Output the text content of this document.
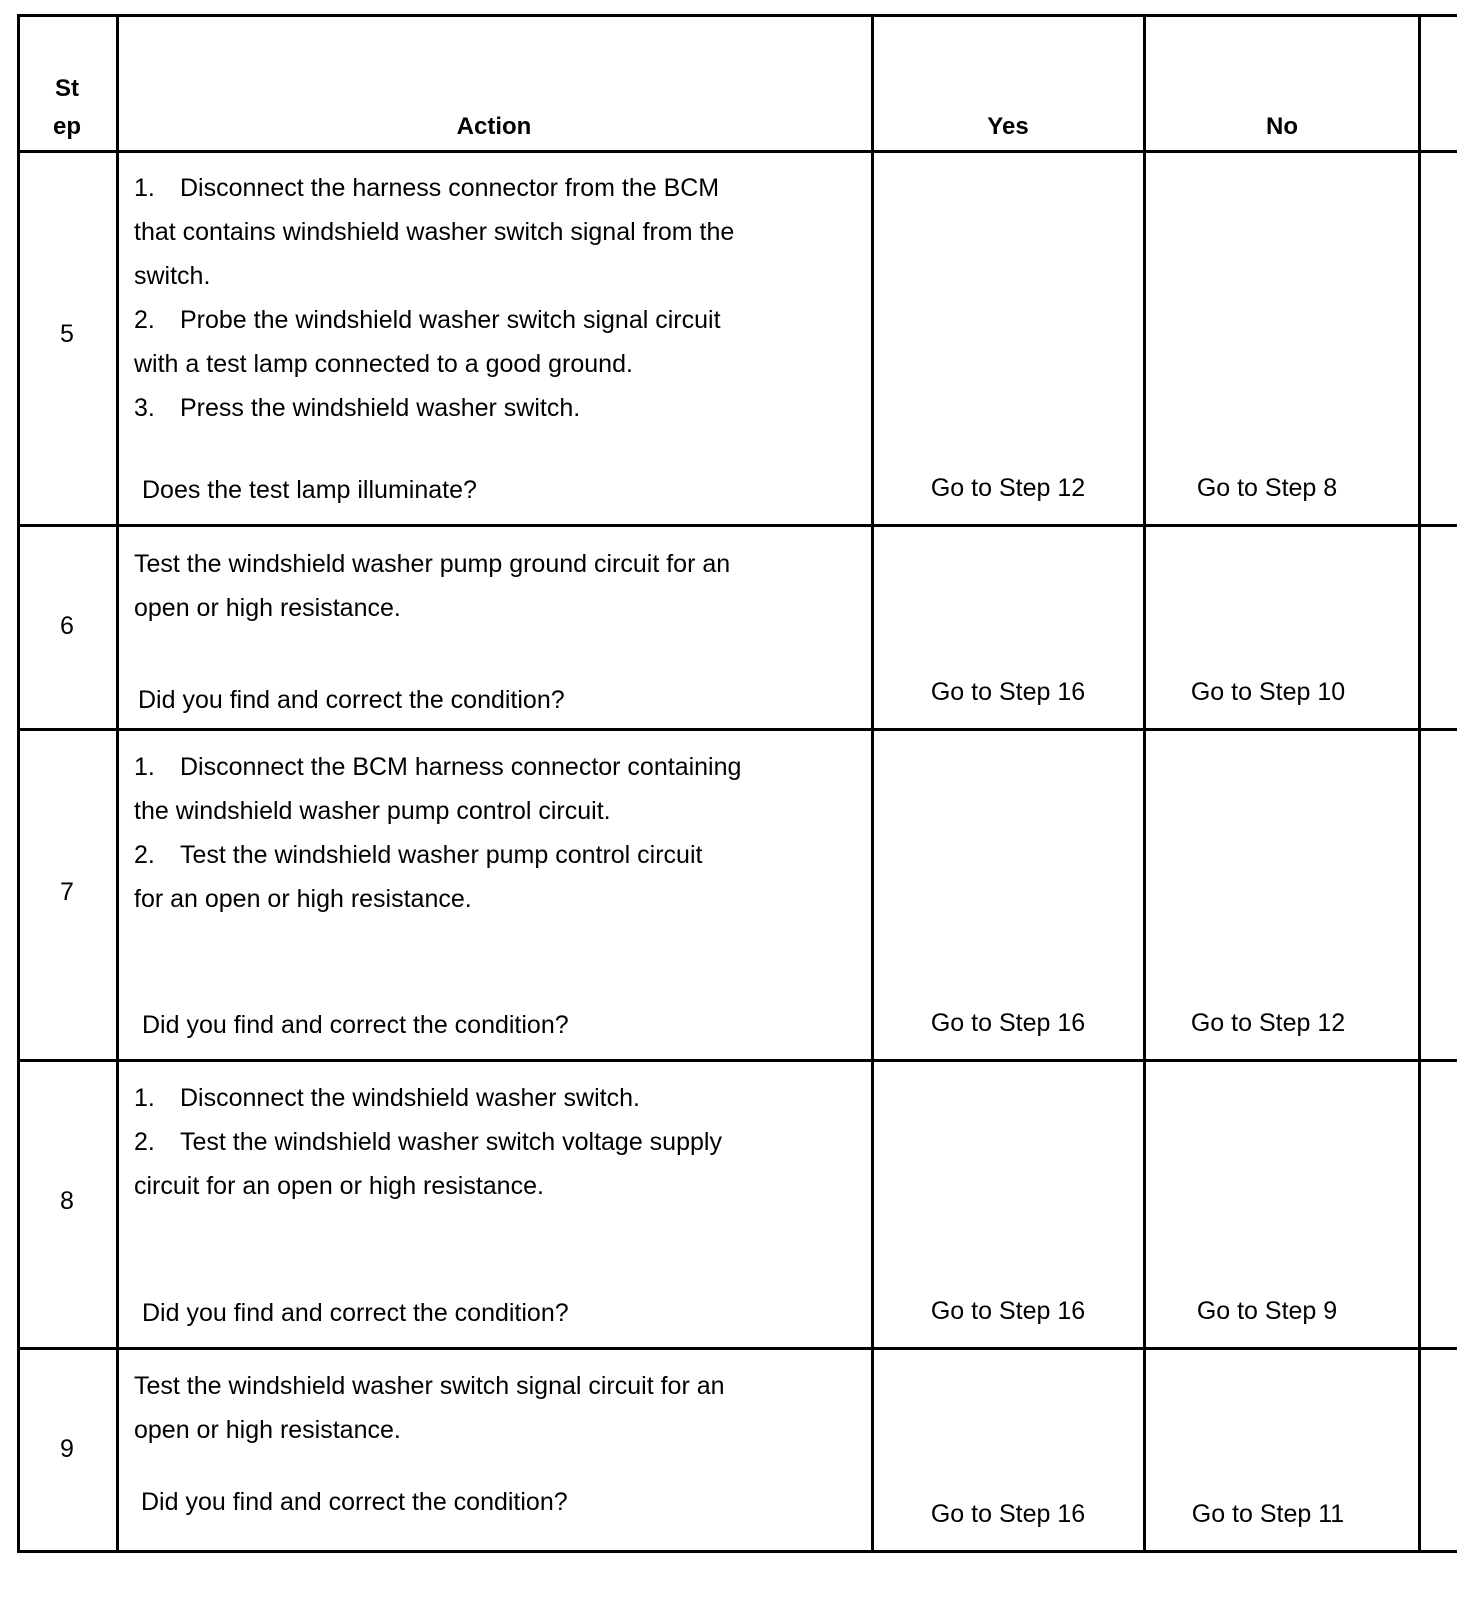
St
ep	Action	Yes	No
5
1. Disconnect the harness connector from the BCM
that contains windshield washer switch signal from the
switch.
2. Probe the windshield washer switch signal circuit
with a test lamp connected to a good ground.
3. Press the windshield washer switch.
Does the test lamp illuminate?	Go to Step 12	Go to Step 8
6
Test the windshield washer pump ground circuit for an
open or high resistance.
Did you find and correct the condition?	Go to Step 16	Go to Step 10
7
1. Disconnect the BCM harness connector containing
the windshield washer pump control circuit.
2. Test the windshield washer pump control circuit
for an open or high resistance.
Did you find and correct the condition?	Go to Step 16	Go to Step 12
8
1. Disconnect the windshield washer switch.
2. Test the windshield washer switch voltage supply
circuit for an open or high resistance.
Did you find and correct the condition?	Go to Step 16	Go to Step 9
9
Test the windshield washer switch signal circuit for an
open or high resistance.
Did you find and correct the condition?	Go to Step 16	Go to Step 11
